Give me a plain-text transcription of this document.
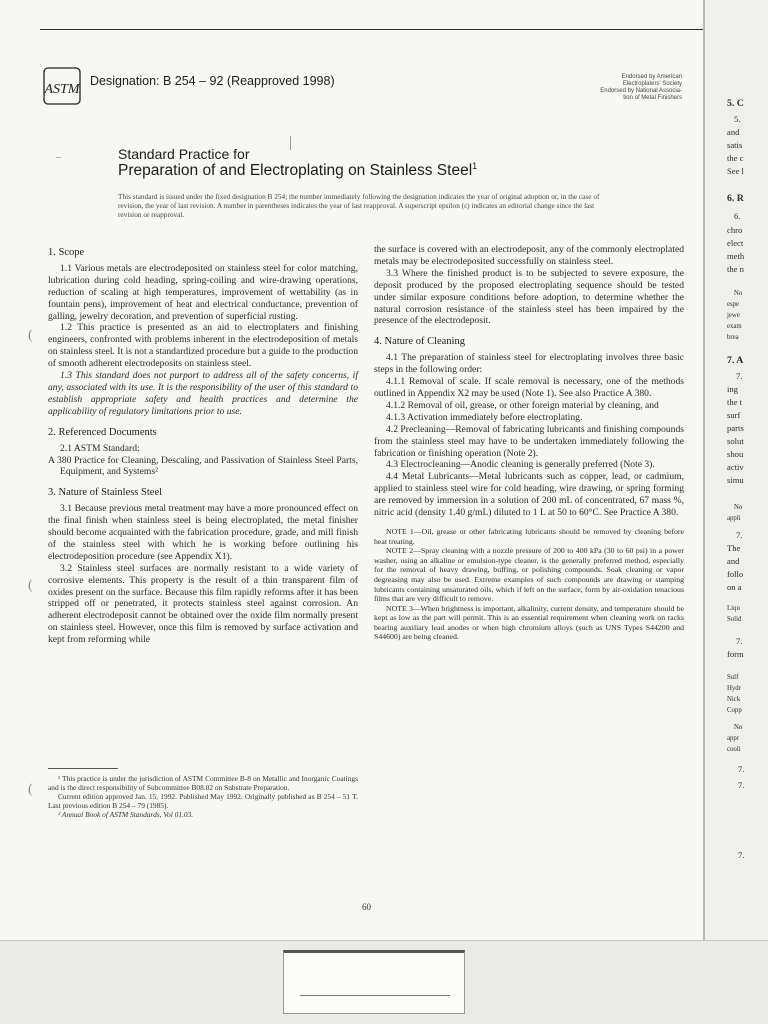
ASTM
Designation: B 254 – 92 (Reapproved 1998)	Endorsed by American
Electroplaters' Society
Endorsed by National Associa-
tion of Metal Finishers
–	Standard Practice for
Preparation of and Electroplating on Stainless Steel$^1$
This standard is issued under the fixed designation B 254; the number immediately following the designation indicates the year of original adoption or, in the case of revision, the year of last revision. A number in parentheses indicates the year of last reapproval. A superscript epsilon (ε) indicates an editorial change since the last revision or reapproval.
1. Scope

1.1 Various metals are electrodeposited on stainless steel for color matching, lubrication during cold heading, spring-coiling and wire-drawing operations, reduction of scaling at high temperatures, improvement of wettability (as in fountain pens), improvement of heat and electrical conductance, prevention of galling, jewelry decoration, and prevention of superficial rusting.

1.2 This practice is presented as an aid to electroplaters and finishing engineers, confronted with problems inherent in the electrodeposition of metals on stainless steel. It is not a standardized procedure but a guide to the production of smooth adherent electrodeposits on stainless steel.

1.3 This standard does not purport to address all of the safety concerns, if any, associated with its use. It is the responsibility of the user of this standard to establish appropriate safety and health practices and determine the applicability of regulatory limitations prior to use.

2. Referenced Documents

2.1 ASTM Standard:

A 380 Practice for Cleaning, Descaling, and Passivation of Stainless Steel Parts, Equipment, and Systems²

3. Nature of Stainless Steel

3.1 Because previous metal treatment may have a more pronounced effect on the final finish when stainless steel is being electroplated, the metal finisher should become acquainted with the fabrication procedure, grade, and mill finish of the stainless steel with which he is working before outlining his electrodeposition procedure (see Appendix X1).

3.2 Stainless steel surfaces are normally resistant to a wide variety of corrosive elements. This property is the result of a thin transparent film of oxides present on the surface. Because this film rapidly reforms after it has been stripped off or penetrated, it protects stainless steel against corrosion. An adherent electrodeposit cannot be obtained over the oxide film normally present on stainless steel. However, once this film is removed by surface activation and kept from reforming while

¹ This practice is under the jurisdiction of ASTM Committee B-8 on Metallic and Inorganic Coatings and is the direct responsibility of Subcommittee B08.02 on Substrate Preparation.

Current edition approved Jan. 15, 1992. Published May 1992. Originally published as B 254 – 51 T. Last previous edition B 254 – 79 (1985).

² Annual Book of ASTM Standards, Vol 01.03.

the surface is covered with an electrodeposit, any of the commonly electroplated metals may be electrodeposited successfully on stainless steel.

3.3 Where the finished product is to be subjected to severe exposure, the deposit produced by the proposed electroplating sequence should be tested under similar exposure conditions before adoption, to determine whether the natural corrosion resistance of the stainless steel has been impaired by the presence of the electrodeposit.

4. Nature of Cleaning

4.1 The preparation of stainless steel for electroplating involves three basic steps in the following order:

4.1.1 Removal of scale. If scale removal is necessary, one of the methods outlined in Appendix X2 may be used (Note 1). See also Practice A 380.

4.1.2 Removal of oil, grease, or other foreign material by cleaning, and

4.1.3 Activation immediately before electroplating.

4.2 Precleaning—Removal of fabricating lubricants and finishing compounds from the stainless steel may have to be undertaken immediately following the fabrication or finishing operation (Note 2).

4.3 Electrocleaning—Anodic cleaning is generally preferred (Note 3).

4.4 Metal Lubricants—Metal lubricants such as copper, lead, or cadmium, applied to stainless steel wire for cold heading, wire drawing, or spring forming are removed by immersion in a solution of 200 mL of concentrated, 67 mass %, nitric acid (density 1.40 g/mL) diluted to 1 L at 50 to 60°C. See Practice A 380.

NOTE 1—Oil, grease or other fabricating lubricants should be removed by cleaning before heat treating.

NOTE 2—Spray cleaning with a nozzle pressure of 200 to 400 kPa (30 to 60 psi) in a power washer, using an alkaline or emulsion-type cleaner, is the generally preferred method, especially for the removal of heavy drawing, buffing, or polishing compounds. Soak cleaning or vapor degreasing may also be used. Extreme examples of such compounds are drawing or stamping lubricants containing unsaturated oils, which if left on the surface, form by air-oxidation tenacious films that are very difficult to remove.

NOTE 3—When brightness is important, alkalinity, current density, and temperature should be kept as low as the part will permit. This is an essential requirement when cleaning work on racks bearing auxiliary lead anodes or when high chromium alloys (such as UNS Types S44200 and S44600) are being cleaned.

60
(
(
(
5. C
5.
and
satis
the c
See l
6. R
6.
chro
elect
meth
the n
No
espe
jewe
exam
brea
7. A
7.
ing
the t
surf
parts
solut
shou
activ
simu
No
appli
7.
The
and
follo
on a
Liqu
Solid
7.
form
Sulf
Hydr
Nick
Copp
No
appr
cooli
7.
7.
7.
